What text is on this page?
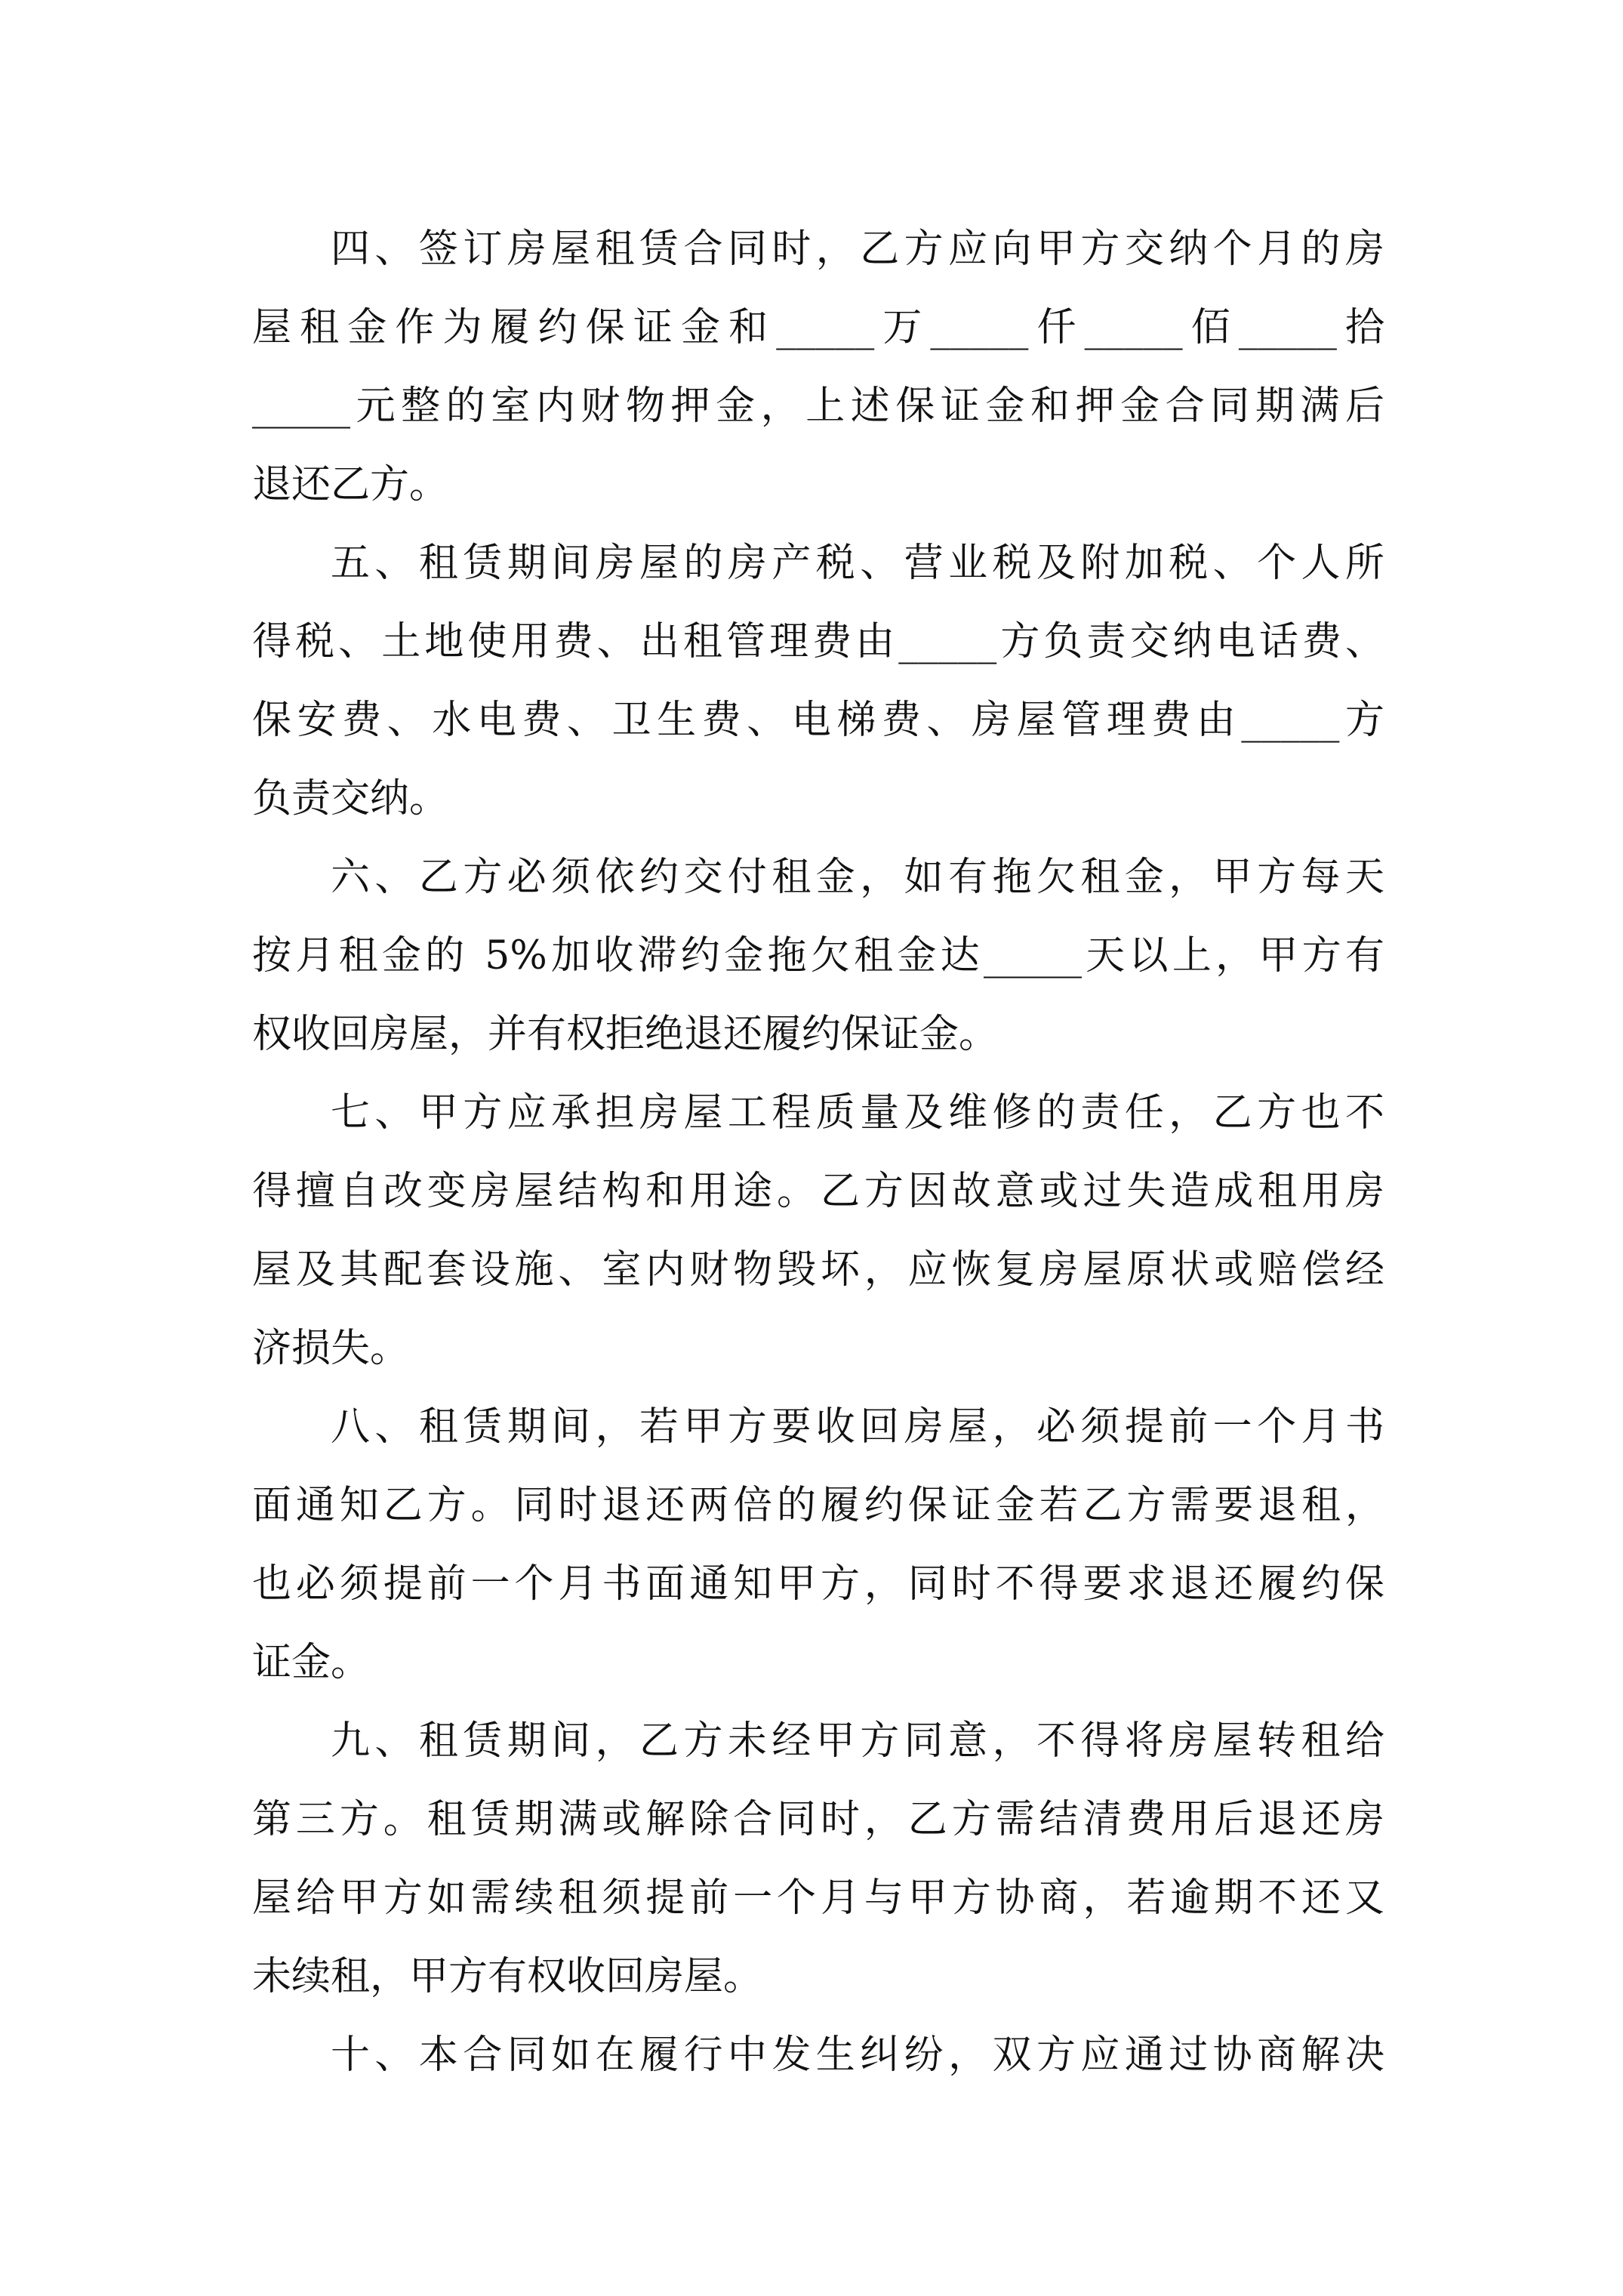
四、签订房屋租赁合同时，乙方应向甲方交纳个月的房
屋租金作为履约保证金和_____万_____仟_____佰_____拾
_____元整的室内财物押金，上述保证金和押金合同期满后
退还乙方。
五、租赁期间房屋的房产税、营业税及附加税、个人所
得税、土地使用费、出租管理费由_____方负责交纳电话费、
保安费、水电费、卫生费、电梯费、房屋管理费由_____方
负责交纳。
六、乙方必须依约交付租金，如有拖欠租金，甲方每天
按月租金的 5%加收滞约金拖欠租金达_____天以上，甲方有
权收回房屋，并有权拒绝退还履约保证金。
七、甲方应承担房屋工程质量及维修的责任，乙方也不
得擅自改变房屋结构和用途。乙方因故意或过失造成租用房
屋及其配套设施、室内财物毁坏，应恢复房屋原状或赔偿经
济损失。
八、租赁期间，若甲方要收回房屋，必须提前一个月书
面通知乙方。同时退还两倍的履约保证金若乙方需要退租，
也必须提前一个月书面通知甲方，同时不得要求退还履约保
证金。
九、租赁期间，乙方未经甲方同意，不得将房屋转租给
第三方。租赁期满或解除合同时，乙方需结清费用后退还房
屋给甲方如需续租须提前一个月与甲方协商，若逾期不还又
未续租，甲方有权收回房屋。
十、本合同如在履行中发生纠纷，双方应通过协商解决
